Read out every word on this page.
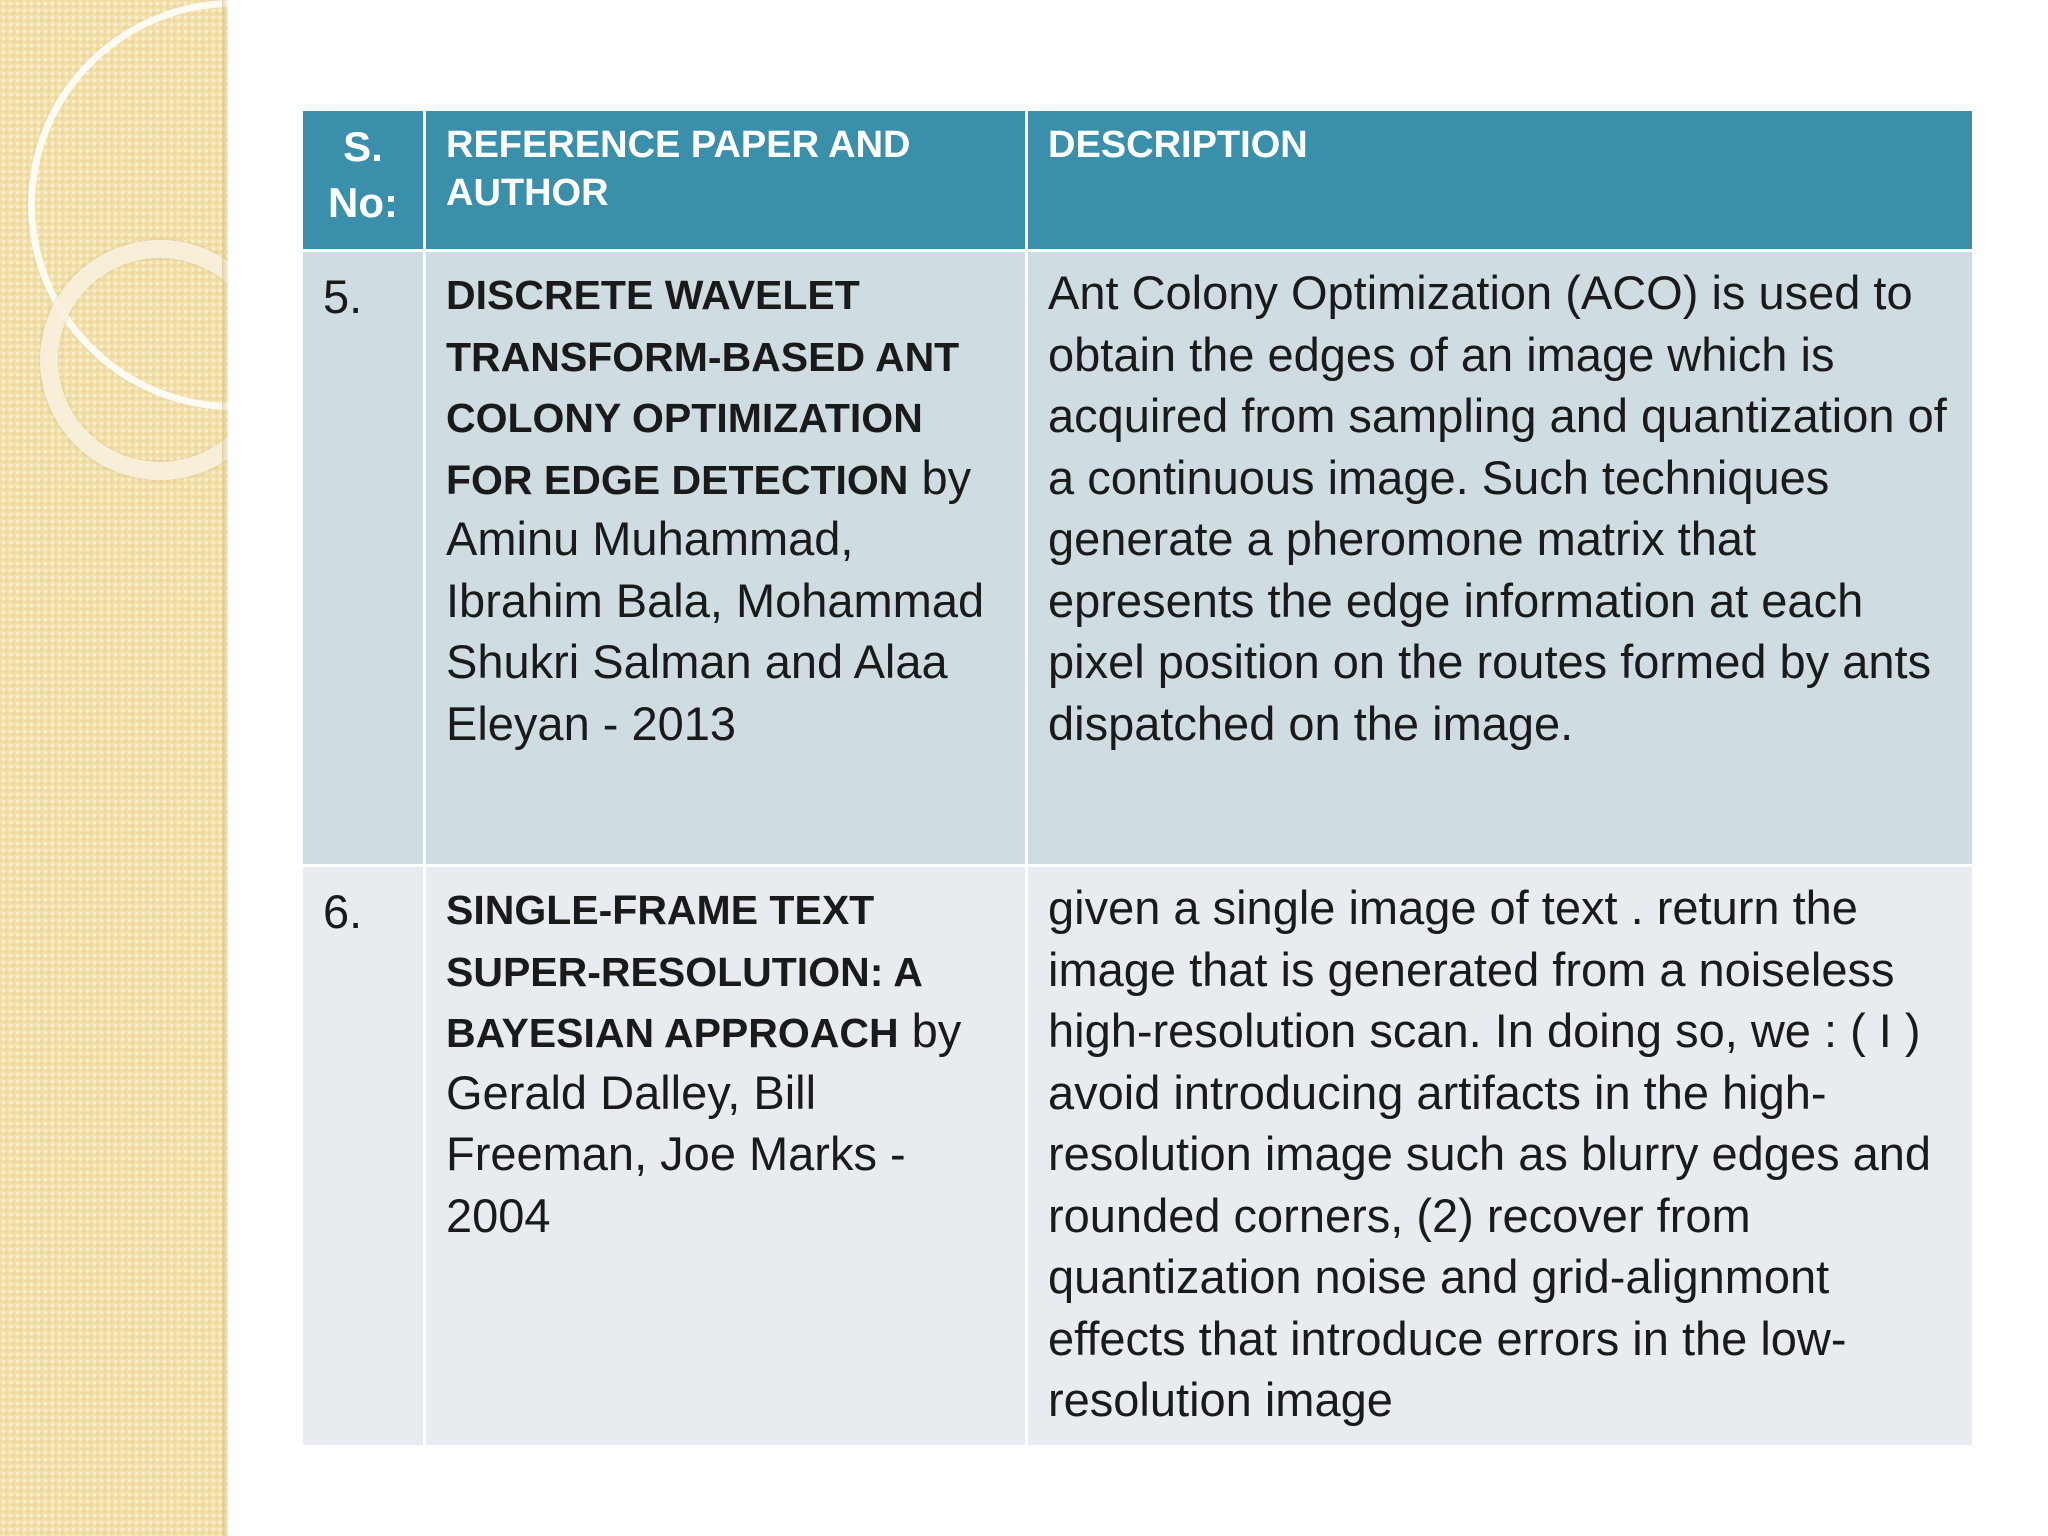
S. No:	REFERENCE PAPER AND AUTHOR	DESCRIPTION
5.	DISCRETE WAVELET TRANSFORM-BASED ANT COLONY OPTIMIZATION FOR EDGE DETECTION by Aminu Muhammad, Ibrahim Bala, Mohammad Shukri Salman and Alaa Eleyan - 2013	Ant Colony Optimization (ACO) is used to obtain the edges of an image which is acquired from sampling and quantization of a continuous image. Such techniques generate a pheromone matrix that epresents the edge information at each pixel position on the routes formed by ants dispatched on the image.
6.	SINGLE-FRAME TEXT SUPER-RESOLUTION: A BAYESIAN APPROACH by Gerald Dalley, Bill Freeman, Joe Marks - 2004	given a single image of text . return the image that is generated from a noiseless high-resolution scan. In doing so, we : ( I ) avoid introducing artifacts in the high-resolution image such as blurry edges and rounded corners, (2) recover from quantization noise and grid-alignmont effects that introduce errors in the low-resolution image
